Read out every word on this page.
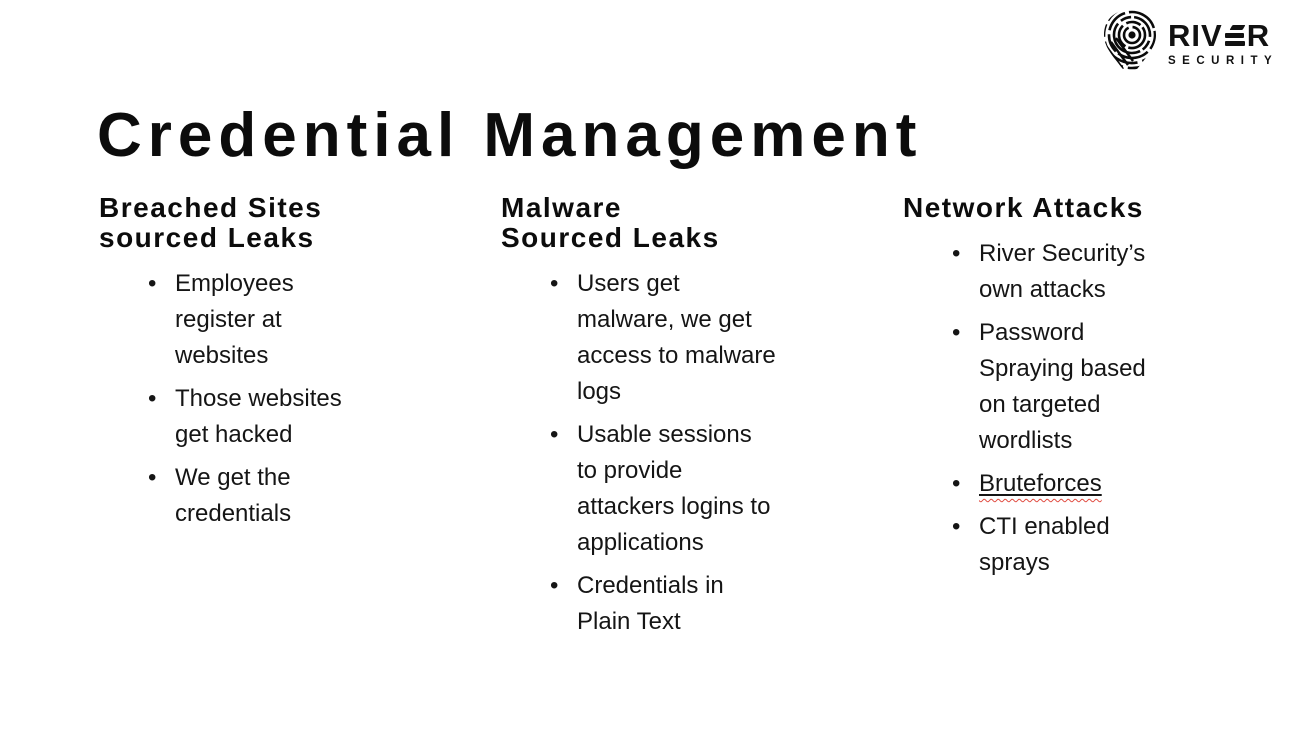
Credential Management
RIV R
SECURITY
Breached Sites
sourced Leaks
• Employees register at websites
• Those websites get hacked
• We get the credentials
Malware
Sourced Leaks
• Users get malware, we get access to malware logs
• Usable sessions to provide attackers logins to applications
• Credentials in Plain Text
Network Attacks
• River Security’s own attacks
• Password Spraying based on targeted wordlists
• Bruteforces
• CTI enabled sprays
